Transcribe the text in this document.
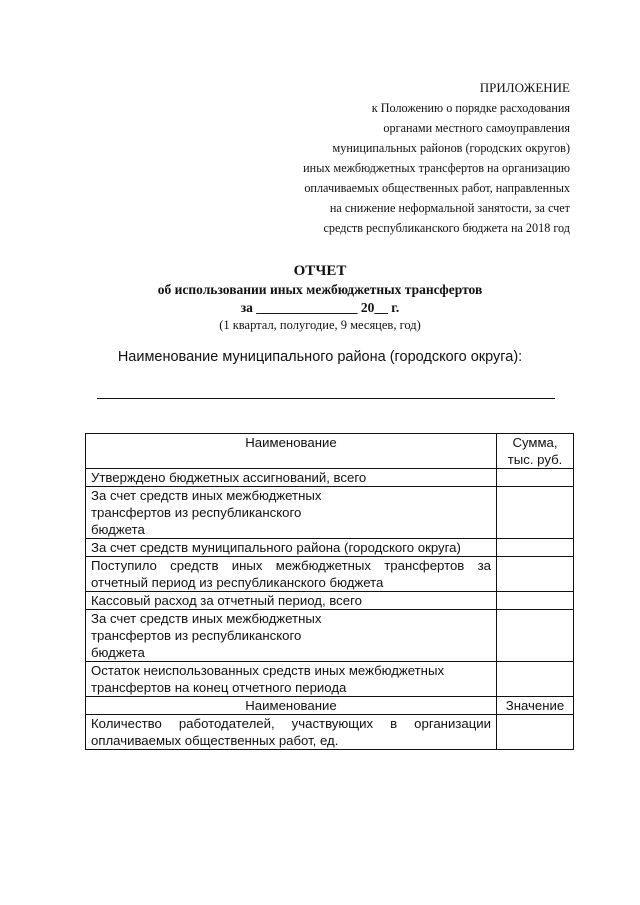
ПРИЛОЖЕНИЕ
к Положению о порядке расходования
органами местного самоуправления
муниципальных районов (городских округов)
иных межбюджетных трансфертов на организацию
оплачиваемых общественных работ, направленных
на снижение неформальной занятости, за счет
средств республиканского бюджета на 2018 год
ОТЧЕТ
об использовании иных межбюджетных трансфертов
за _______________ 20__ г.
(1 квартал, полугодие, 9 месяцев, год)
Наименование муниципального района (городского округа):
Наименование	Сумма, тыс. руб.
Утверждено бюджетных ассигнований, всего	

За счет средств иных межбюджетных трансфертов из республиканского бюджета	

За счет средств муниципального района (городского округа)	
Поступило средств иных межбюджетных трансфертов за отчетный период из республиканского бюджета	
Кассовый расход за отчетный период, всего	

За счет средств иных межбюджетных трансфертов из республиканского бюджета	

Остаток неиспользованных средств иных межбюджетных трансфертов на конец отчетного периода	
Наименование	Значение
Количество работодателей, участвующих в организации оплачиваемых общественных работ, ед.	
